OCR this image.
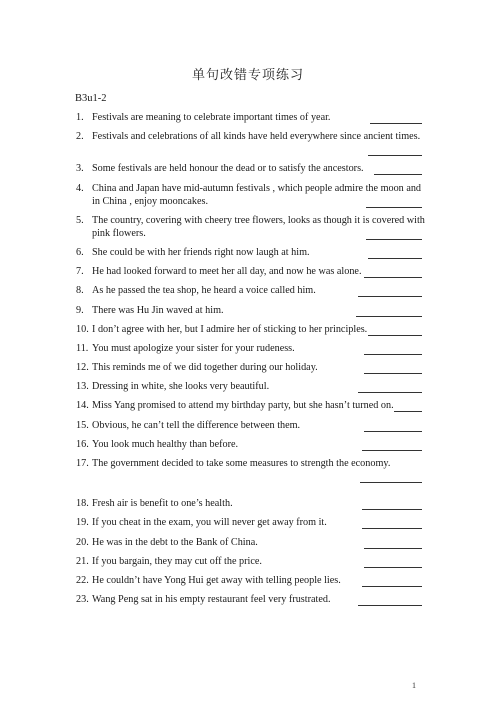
单句改错专项练习
B3u1-2
1. Festivals are meaning to celebrate important times of year.
2. Festivals and celebrations of all kinds have held everywhere since ancient times.
3. Some festivals are held honour the dead or to satisfy the ancestors.
4. China and Japan have mid-autumn festivals , which people admire the moon and
in China , enjoy mooncakes.
5. The country, covering with cheery tree flowers, looks as though it is covered with
pink flowers.
6. She could be with her friends right now laugh at him.
7. He had looked forward to meet her all day, and now he was alone.
8. As he passed the tea shop, he heard a voice called him.
9. There was Hu Jin waved at him.
10. I don’t agree with her, but I admire her of sticking to her principles.
11. You must apologize your sister for your rudeness.
12. This reminds me of we did together during our holiday.
13. Dressing in white, she looks very beautiful.
14. Miss Yang promised to attend my birthday party, but she hasn’t turned on.
15. Obvious, he can’t tell the difference between them.
16. You look much healthy than before.
17. The government decided to take some measures to strength the economy.
18. Fresh air is benefit to one’s health.
19. If you cheat in the exam, you will never get away from it.
20. He was in the debt to the Bank of China.
21. If you bargain, they may cut off the price.
22. He couldn’t have Yong Hui get away with telling people lies.
23. Wang Peng sat in his empty restaurant feel very frustrated.
1
